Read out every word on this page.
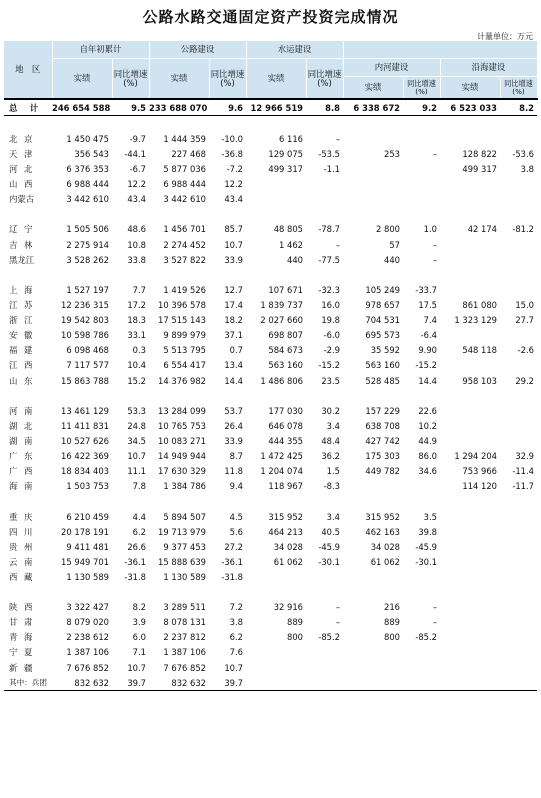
公路水路交通固定资产投资完成情况
计量单位：万元
地　区	自年初累计		公路建设		水运建设					
	实绩	同比增速(%)	实绩	同比增速(%)	实绩	同比增速(%)	内河建设		沿海建设	
							实绩	同比增速(%)	实绩	同比增速(%)
总　计	246 654 588	9.5	233 688 070	9.6	12 966 519	8.8	6 338 672	9.2	6 523 033	8.2

北 京	1 450 475	-9.7	1 444 359	-10.0	6 116	–				
天 津	356 543	-44.1	227 468	-36.8	129 075	-53.5	253	–	128 822	-53.6
河 北	6 376 353	-6.7	5 877 036	-7.2	499 317	-1.1			499 317	3.8
山 西	6 988 444	12.2	6 988 444	12.2						
内蒙古	3 442 610	43.4	3 442 610	43.4						

辽 宁	1 505 506	48.6	1 456 701	85.7	48 805	-78.7	2 800	1.0	42 174	-81.2
吉 林	2 275 914	10.8	2 274 452	10.7	1 462	–	57	–		
黑龙江	3 528 262	33.8	3 527 822	33.9	440	-77.5	440	–		

上 海	1 527 197	7.7	1 419 526	12.7	107 671	-32.3	105 249	-33.7		
江 苏	12 236 315	17.2	10 396 578	17.4	1 839 737	16.0	978 657	17.5	861 080	15.0
浙 江	19 542 803	18.3	17 515 143	18.2	2 027 660	19.8	704 531	7.4	1 323 129	27.7
安 徽	10 598 786	33.1	9 899 979	37.1	698 807	-6.0	695 573	-6.4		
福 建	6 098 468	0.3	5 513 795	0.7	584 673	-2.9	35 592	9.90	548 118	-2.6
江 西	7 117 577	10.4	6 554 417	13.4	563 160	-15.2	563 160	-15.2		
山 东	15 863 788	15.2	14 376 982	14.4	1 486 806	23.5	528 485	14.4	958 103	29.2

河 南	13 461 129	53.3	13 284 099	53.7	177 030	30.2	157 229	22.6		
湖 北	11 411 831	24.8	10 765 753	26.4	646 078	3.4	638 708	10.2		
湖 南	10 527 626	34.5	10 083 271	33.9	444 355	48.4	427 742	44.9		
广 东	16 422 369	10.7	14 949 944	8.7	1 472 425	36.2	175 303	86.0	1 294 204	32.9
广 西	18 834 403	11.1	17 630 329	11.8	1 204 074	1.5	449 782	34.6	753 966	-11.4
海 南	1 503 753	7.8	1 384 786	9.4	118 967	-8.3			114 120	-11.7

重 庆	6 210 459	4.4	5 894 507	4.5	315 952	3.4	315 952	3.5		
四 川	20 178 191	6.2	19 713 979	5.6	464 213	40.5	462 163	39.8		
贵 州	9 411 481	26.6	9 377 453	27.2	34 028	-45.9	34 028	-45.9		
云 南	15 949 701	-36.1	15 888 639	-36.1	61 062	-30.1	61 062	-30.1		
西 藏	1 130 589	-31.8	1 130 589	-31.8						

陕 西	3 322 427	8.2	3 289 511	7.2	32 916	–	216	–		
甘 肃	8 079 020	3.9	8 078 131	3.8	889	–	889	–		
青 海	2 238 612	6.0	2 237 812	6.2	800	-85.2	800	-85.2		
宁 夏	1 387 106	7.1	1 387 106	7.6						
新 疆	7 676 852	10.7	7 676 852	10.7						
其中：兵团	832 632	39.7	832 632	39.7						
